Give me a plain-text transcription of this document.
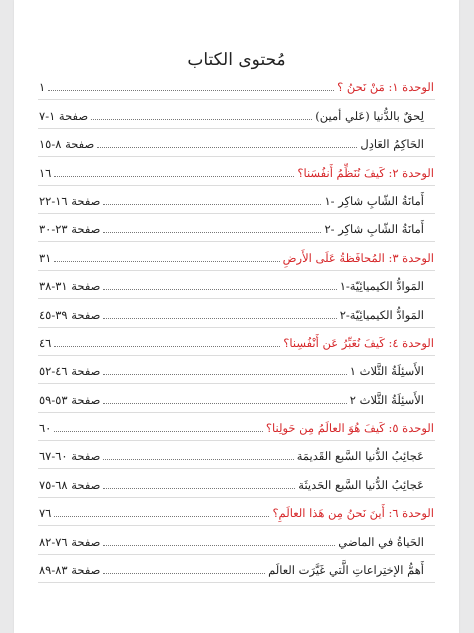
مُحتوى الكتاب
الوحدة ١: مَنْ نَحنُ ؟
١
لِحقٌ بالدُّنيا (عَلي أمين)
صفحة ١-٧
الحَاكِمُ العَادِل
صفحة ٨-١٥
الوحدة ٢: كَيفَ نُنَظِّمُ أَنفُسَنا؟
١٦
أَمانَةُ الشّابِ شاكِر -١
صفحة ١٦-٢٢
أَمانَةُ الشّابِ شاكِر -٢
صفحة ٢٣-٣٠
الوحدة ٣: المُحافَظةُ عَلَى الأَرضِ
٣١
المَوادُّ الكيميائِيّة-١
صفحة ٣١-٣٨
المَوادُّ الكيميائِيّة-٢
صفحة ٣٩-٤٥
الوحدة ٤: كَيفَ نُعَبِّرُ عَن أَنْفُسِنا؟
٤٦
الأَسئِلَةُ الثَّلاث ١
صفحة ٤٦-٥٢
الأَسئِلَةُ الثَّلاث ٢
صفحة ٥٣-٥٩
الوحدة ٥: كَيفَ هُوَ العالَمُ مِن حَولِنا؟
٦٠
عَجائِبُ الدُّنيا السَّبع القَديمَة
صفحة ٦٠-٦٧
عَجائِبُ الدُّنيا السَّبع الحَديثَة
صفحة ٦٨-٧٥
الوحدة ٦: أَينَ نَحنُ مِن هَذا العالَمِ؟
٧٦
الحَياةُ في الماضي
صفحة ٧٦-٨٢
أَهمُّ الإختِراعاتِ الَّتي غَيَّرَت العالَم
صفحة ٨٣-٨٩
